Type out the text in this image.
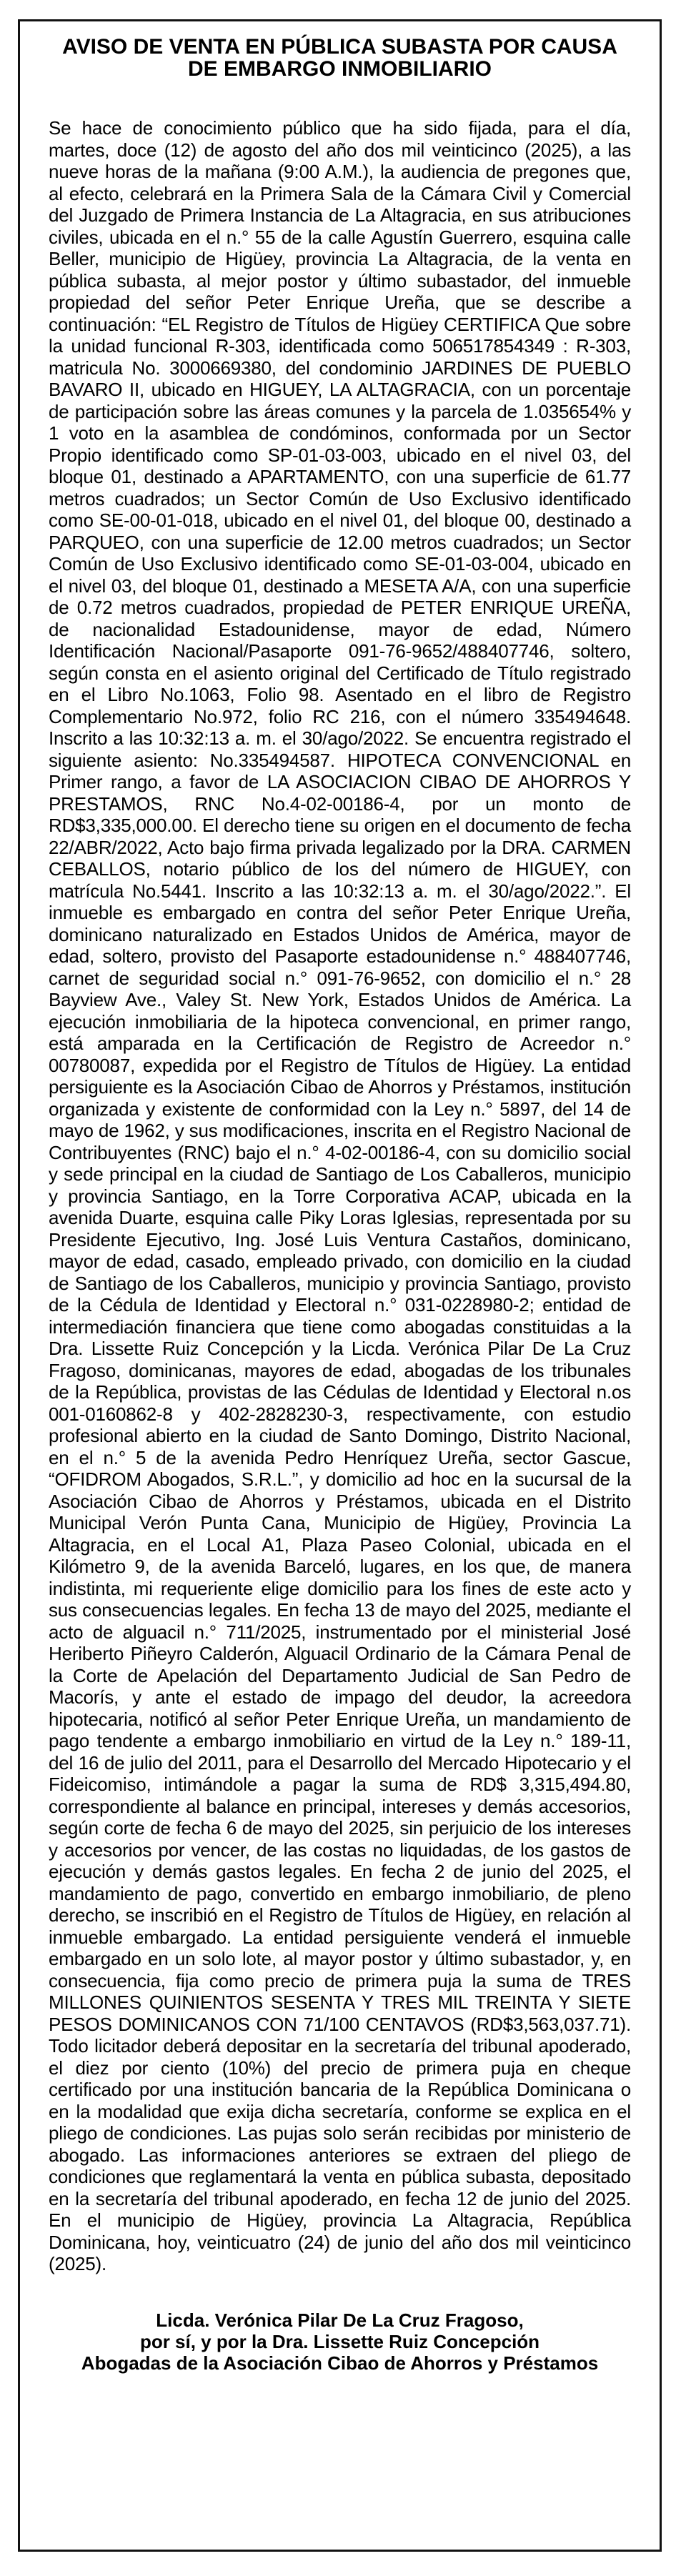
AVISO DE VENTA EN PÚBLICA SUBASTA POR CAUSA
DE EMBARGO INMOBILIARIO

Se hace de conocimiento público que ha sido fijada, para el día, martes, doce (12) de agosto del año dos mil veinticinco (2025), a las nueve horas de la mañana (9:00 A.M.), la audiencia de pregones que, al efecto, celebrará en la Primera Sala de la Cámara Civil y Comercial del Juzgado de Primera Instancia de La Altagracia, en sus atribuciones civiles, ubicada en el n.° 55 de la calle Agustín Guerrero, esquina calle Beller, municipio de Higüey, provincia La Altagracia, de la venta en pública subasta, al mejor postor y último subastador, del inmueble propiedad del señor Peter Enrique Ureña, que se describe a continuación: “EL Registro de Títulos de Higüey CERTIFICA Que sobre la unidad funcional R-303, identificada como 506517854349 : R-303, matricula No. 3000669380, del condominio JARDINES DE PUEBLO BAVARO II, ubicado en HIGUEY, LA ALTAGRACIA, con un porcentaje de participación sobre las áreas comunes y la parcela de 1.035654% y 1 voto en la asamblea de condóminos, conformada por un Sector Propio identificado como SP-01-03-003, ubicado en el nivel 03, del bloque 01, destinado a APARTAMENTO, con una superficie de 61.77 metros cuadrados; un Sector Común de Uso Exclusivo identificado como SE-00-01-018, ubicado en el nivel 01, del bloque 00, destinado a PARQUEO, con una superficie de 12.00 metros cuadrados; un Sector Común de Uso Exclusivo identificado como SE-01-03-004, ubicado en el nivel 03, del bloque 01, destinado a MESETA A/A, con una superficie de 0.72 metros cuadrados, propiedad de PETER ENRIQUE UREÑA, de nacionalidad Estadounidense, mayor de edad, Número Identificación Nacional/Pasaporte 091-76-9652/488407746, soltero, según consta en el asiento original del Certificado de Título registrado en el Libro No.1063, Folio 98. Asentado en el libro de Registro Complementario No.972, folio RC 216, con el número 335494648. Inscrito a las 10:32:13 a. m. el 30/ago/2022. Se encuentra registrado el siguiente asiento: No.335494587. HIPOTECA CONVENCIONAL en Primer rango, a favor de LA ASOCIACION CIBAO DE AHORROS Y PRESTAMOS, RNC No.4-02-00186-4, por un monto de RD$3,335,000.00. El derecho tiene su origen en el documento de fecha 22/ABR/2022, Acto bajo firma privada legalizado por la DRA. CARMEN CEBALLOS, notario público de los del número de HIGUEY, con matrícula No.5441. Inscrito a las 10:32:13 a. m. el 30/ago/2022.”. El inmueble es embargado en contra del señor Peter Enrique Ureña, dominicano naturalizado en Estados Unidos de América, mayor de edad, soltero, provisto del Pasaporte estadounidense n.° 488407746, carnet de seguridad social n.° 091-76-9652, con domicilio el n.° 28 Bayview Ave., Valey St. New York, Estados Unidos de América. La ejecución inmobiliaria de la hipoteca convencional, en primer rango, está amparada en la Certificación de Registro de Acreedor n.° 00780087, expedida por el Registro de Títulos de Higüey. La entidad persiguiente es la Asociación Cibao de Ahorros y Préstamos, institución organizada y existente de conformidad con la Ley n.° 5897, del 14 de mayo de 1962, y sus modificaciones, inscrita en el Registro Nacional de Contribuyentes (RNC) bajo el n.° 4-02-00186-4, con su domicilio social y sede principal en la ciudad de Santiago de Los Caballeros, municipio y provincia Santiago, en la Torre Corporativa ACAP, ubicada en la avenida Duarte, esquina calle Piky Loras Iglesias, representada por su Presidente Ejecutivo, Ing. José Luis Ventura Castaños, dominicano, mayor de edad, casado, empleado privado, con domicilio en la ciudad de Santiago de los Caballeros, municipio y provincia Santiago, provisto de la Cédula de Identidad y Electoral n.° 031-0228980-2; entidad de intermediación financiera que tiene como abogadas constituidas a la Dra. Lissette Ruiz Concepción y la Licda. Verónica Pilar De La Cruz Fragoso, dominicanas, mayores de edad, abogadas de los tribunales de la República, provistas de las Cédulas de Identidad y Electoral n.os 001-0160862-8 y 402-2828230-3, respectivamente, con estudio profesional abierto en la ciudad de Santo Domingo, Distrito Nacional, en el n.° 5 de la avenida Pedro Henríquez Ureña, sector Gascue, “OFIDROM Abogados, S.R.L.”, y domicilio ad hoc en la sucursal de la Asociación Cibao de Ahorros y Préstamos, ubicada en el Distrito Municipal Verón Punta Cana, Municipio de Higüey, Provincia La Altagracia, en el Local A1, Plaza Paseo Colonial, ubicada en el Kilómetro 9, de la avenida Barceló, lugares, en los que, de manera indistinta, mi requeriente elige domicilio para los fines de este acto y sus consecuencias legales. En fecha 13 de mayo del 2025, mediante el acto de alguacil n.° 711/2025, instrumentado por el ministerial José Heriberto Piñeyro Calderón, Alguacil Ordinario de la Cámara Penal de la Corte de Apelación del Departamento Judicial de San Pedro de Macorís, y ante el estado de impago del deudor, la acreedora hipotecaria, notificó al señor Peter Enrique Ureña, un mandamiento de pago tendente a embargo inmobiliario en virtud de la Ley n.° 189-11, del 16 de julio del 2011, para el Desarrollo del Mercado Hipotecario y el Fideicomiso, intimándole a pagar la suma de RD$ 3,315,494.80, correspondiente al balance en principal, intereses y demás accesorios, según corte de fecha 6 de mayo del 2025, sin perjuicio de los intereses y accesorios por vencer, de las costas no liquidadas, de los gastos de ejecución y demás gastos legales. En fecha 2 de junio del 2025, el mandamiento de pago, convertido en embargo inmobiliario, de pleno derecho, se inscribió en el Registro de Títulos de Higüey, en relación al inmueble embargado. La entidad persiguiente venderá el inmueble embargado en un solo lote, al mayor postor y último subastador, y, en consecuencia, fija como precio de primera puja la suma de TRES MILLONES QUINIENTOS SESENTA Y TRES MIL TREINTA Y SIETE PESOS DOMINICANOS CON 71/100 CENTAVOS (RD$3,563,037.71). Todo licitador deberá depositar en la secretaría del tribunal apoderado, el diez por ciento (10%) del precio de primera puja en cheque certificado por una institución bancaria de la República Dominicana o en la modalidad que exija dicha secretaría, conforme se explica en el pliego de condiciones. Las pujas solo serán recibidas por ministerio de abogado. Las informaciones anteriores se extraen del pliego de condiciones que reglamentará la venta en pública subasta, depositado en la secretaría del tribunal apoderado, en fecha 12 de junio del 2025. En el municipio de Higüey, provincia La Altagracia, República Dominicana, hoy, veinticuatro (24) de junio del año dos mil veinticinco (2025).

Licda. Verónica Pilar De La Cruz Fragoso,
por sí, y por la Dra. Lissette Ruiz Concepción
Abogadas de la Asociación Cibao de Ahorros y Préstamos
